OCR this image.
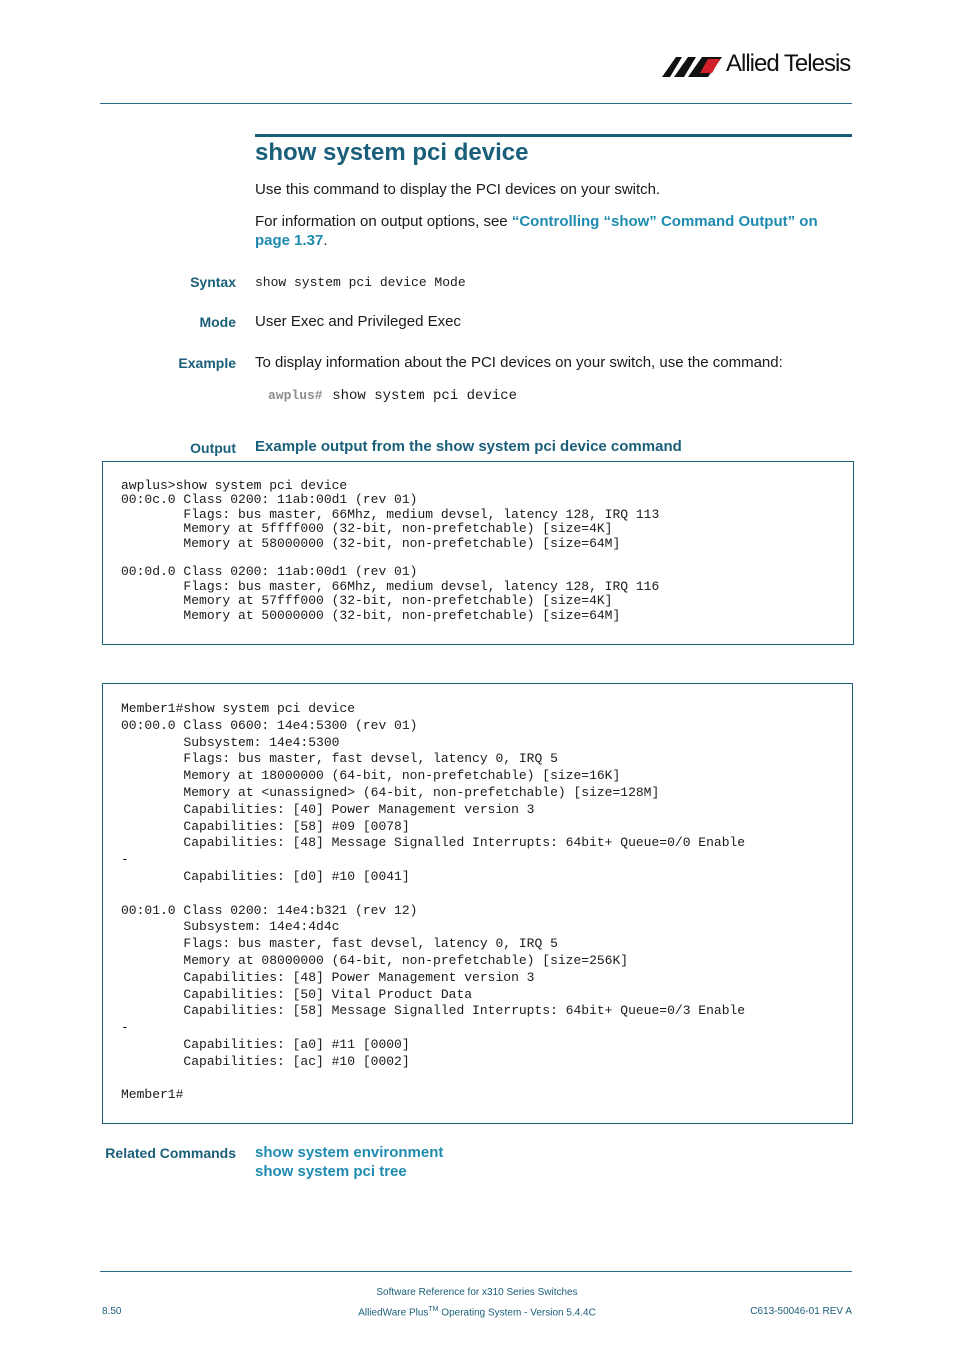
Allied Telesis
show system pci device
Use this command to display the PCI devices on your switch.
For information on output options, see “Controlling “show” Command Output” on
page 1.37.
Syntax show system pci device Mode
Mode User Exec and Privileged Exec
Example To display information about the PCI devices on your switch, use the command:
awplus# show system pci device
Output Example output from the show system pci device command
awplus>show system pci device
00:0c.0 Class 0200: 11ab:00d1 (rev 01)
Flags: bus master, 66Mhz, medium devsel, latency 128, IRQ 113
Memory at 5ffff000 (32-bit, non-prefetchable) [size=4K]
Memory at 58000000 (32-bit, non-prefetchable) [size=64M]

00:0d.0 Class 0200: 11ab:00d1 (rev 01)
Flags: bus master, 66Mhz, medium devsel, latency 128, IRQ 116
Memory at 57fff000 (32-bit, non-prefetchable) [size=4K]
Memory at 50000000 (32-bit, non-prefetchable) [size=64M]
Member1#show system pci device
00:00.0 Class 0600: 14e4:5300 (rev 01)
Subsystem: 14e4:5300
Flags: bus master, fast devsel, latency 0, IRQ 5
Memory at 18000000 (64-bit, non-prefetchable) [size=16K]
Memory at <unassigned> (64-bit, non-prefetchable) [size=128M]
Capabilities: [40] Power Management version 3
Capabilities: [58] #09 [0078]
Capabilities: [48] Message Signalled Interrupts: 64bit+ Queue=0/0 Enable
-
Capabilities: [d0] #10 [0041]

00:01.0 Class 0200: 14e4:b321 (rev 12)
Subsystem: 14e4:4d4c
Flags: bus master, fast devsel, latency 0, IRQ 5
Memory at 08000000 (64-bit, non-prefetchable) [size=256K]
Capabilities: [48] Power Management version 3
Capabilities: [50] Vital Product Data
Capabilities: [58] Message Signalled Interrupts: 64bit+ Queue=0/3 Enable
-
Capabilities: [a0] #11 [0000]
Capabilities: [ac] #10 [0002]

Member1#
Related Commands show system environment
show system pci tree
Software Reference for x310 Series Switches
8.50	AlliedWare Plus™ Operating System - Version 5.4.4C	C613-50046-01 REV A
